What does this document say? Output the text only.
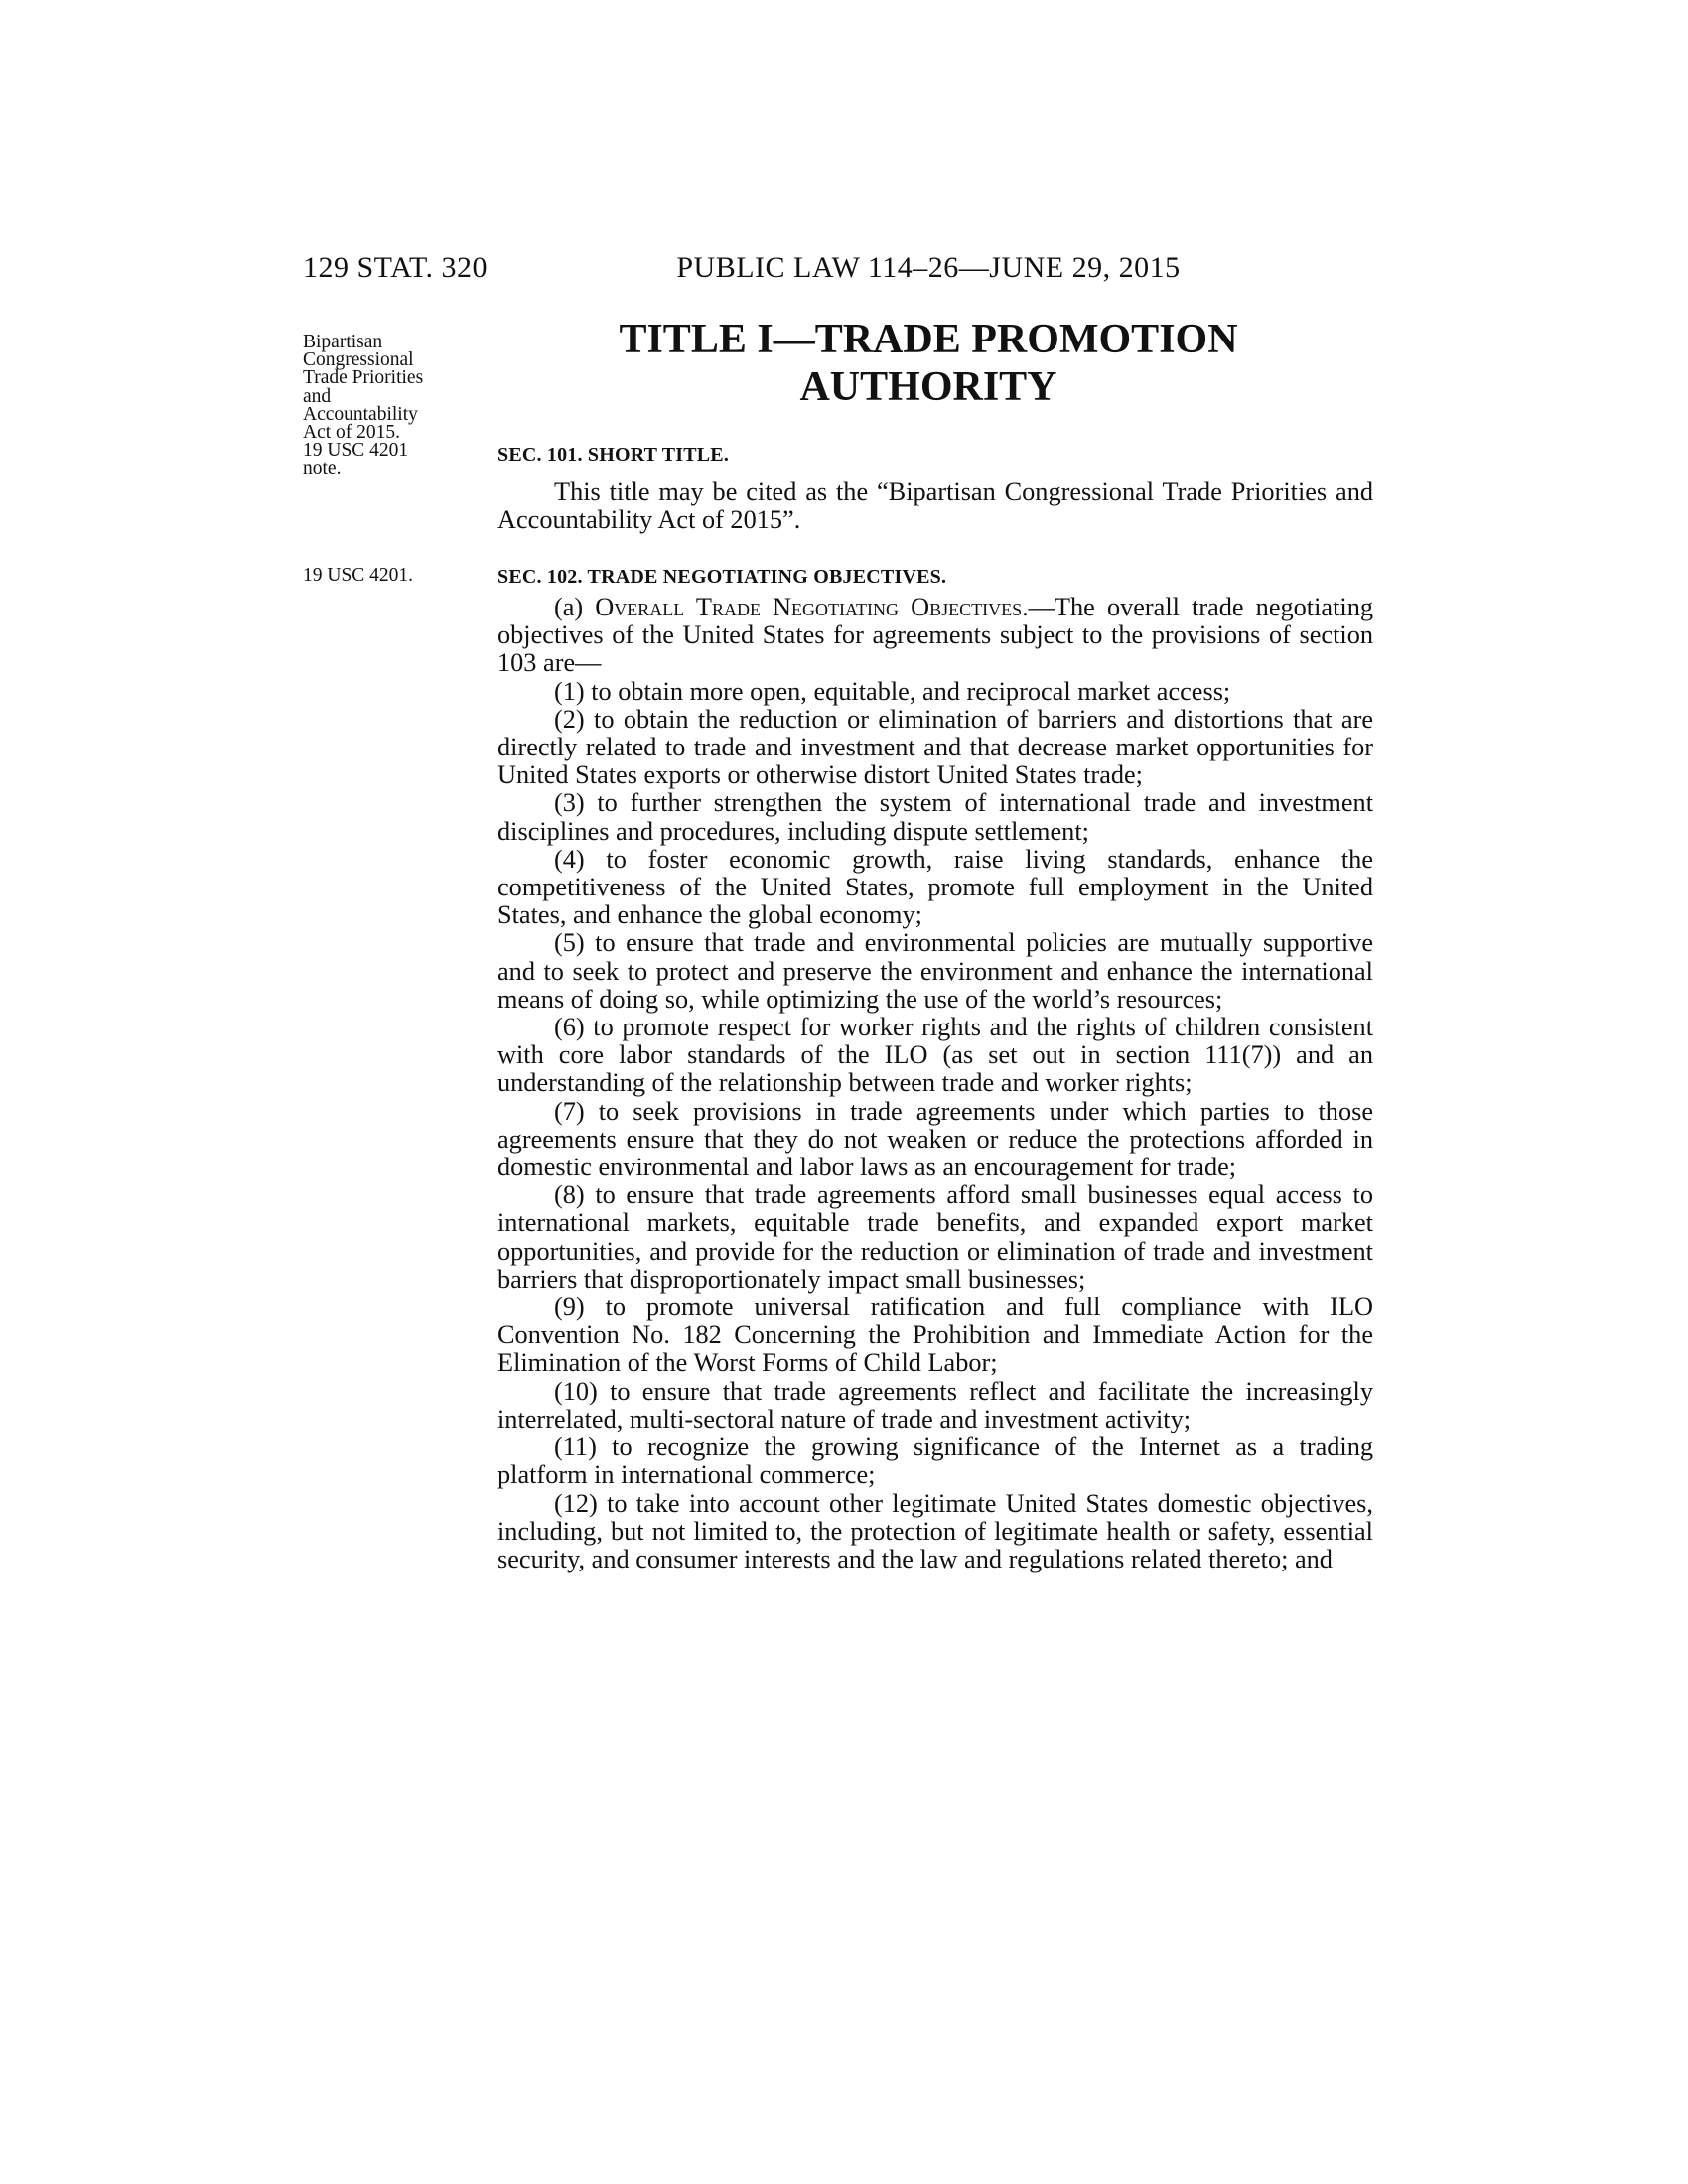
129 STAT. 320	PUBLIC LAW 114–26—JUNE 29, 2015
Bipartisan
Congressional
Trade Priorities
and
Accountability
Act of 2015.
19 USC 4201
note.
TITLE I—TRADE PROMOTION
AUTHORITY
SEC. 101. SHORT TITLE.

This title may be cited as the “Bipartisan Congressional Trade Priorities and Accountability Act of 2015”.

19 USC 4201.	SEC. 102. TRADE NEGOTIATING OBJECTIVES.

(a) Overall Trade Negotiating Objectives.—The overall trade negotiating objectives of the United States for agreements subject to the provisions of section 103 are—

(1) to obtain more open, equitable, and reciprocal market access;

(2) to obtain the reduction or elimination of barriers and distortions that are directly related to trade and investment and that decrease market opportunities for United States exports or otherwise distort United States trade;

(3) to further strengthen the system of international trade and investment disciplines and procedures, including dispute settlement;

(4) to foster economic growth, raise living standards, enhance the competitiveness of the United States, promote full employment in the United States, and enhance the global economy;

(5) to ensure that trade and environmental policies are mutually supportive and to seek to protect and preserve the environment and enhance the international means of doing so, while optimizing the use of the world’s resources;

(6) to promote respect for worker rights and the rights of children consistent with core labor standards of the ILO (as set out in section 111(7)) and an understanding of the relationship between trade and worker rights;

(7) to seek provisions in trade agreements under which parties to those agreements ensure that they do not weaken or reduce the protections afforded in domestic environmental and labor laws as an encouragement for trade;

(8) to ensure that trade agreements afford small businesses equal access to international markets, equitable trade benefits, and expanded export market opportunities, and provide for the reduction or elimination of trade and investment barriers that disproportionately impact small businesses;

(9) to promote universal ratification and full compliance with ILO Convention No. 182 Concerning the Prohibition and Immediate Action for the Elimination of the Worst Forms of Child Labor;

(10) to ensure that trade agreements reflect and facilitate the increasingly interrelated, multi-sectoral nature of trade and investment activity;

(11) to recognize the growing significance of the Internet as a trading platform in international commerce;

(12) to take into account other legitimate United States domestic objectives, including, but not limited to, the protection of legitimate health or safety, essential security, and consumer interests and the law and regulations related thereto; and
